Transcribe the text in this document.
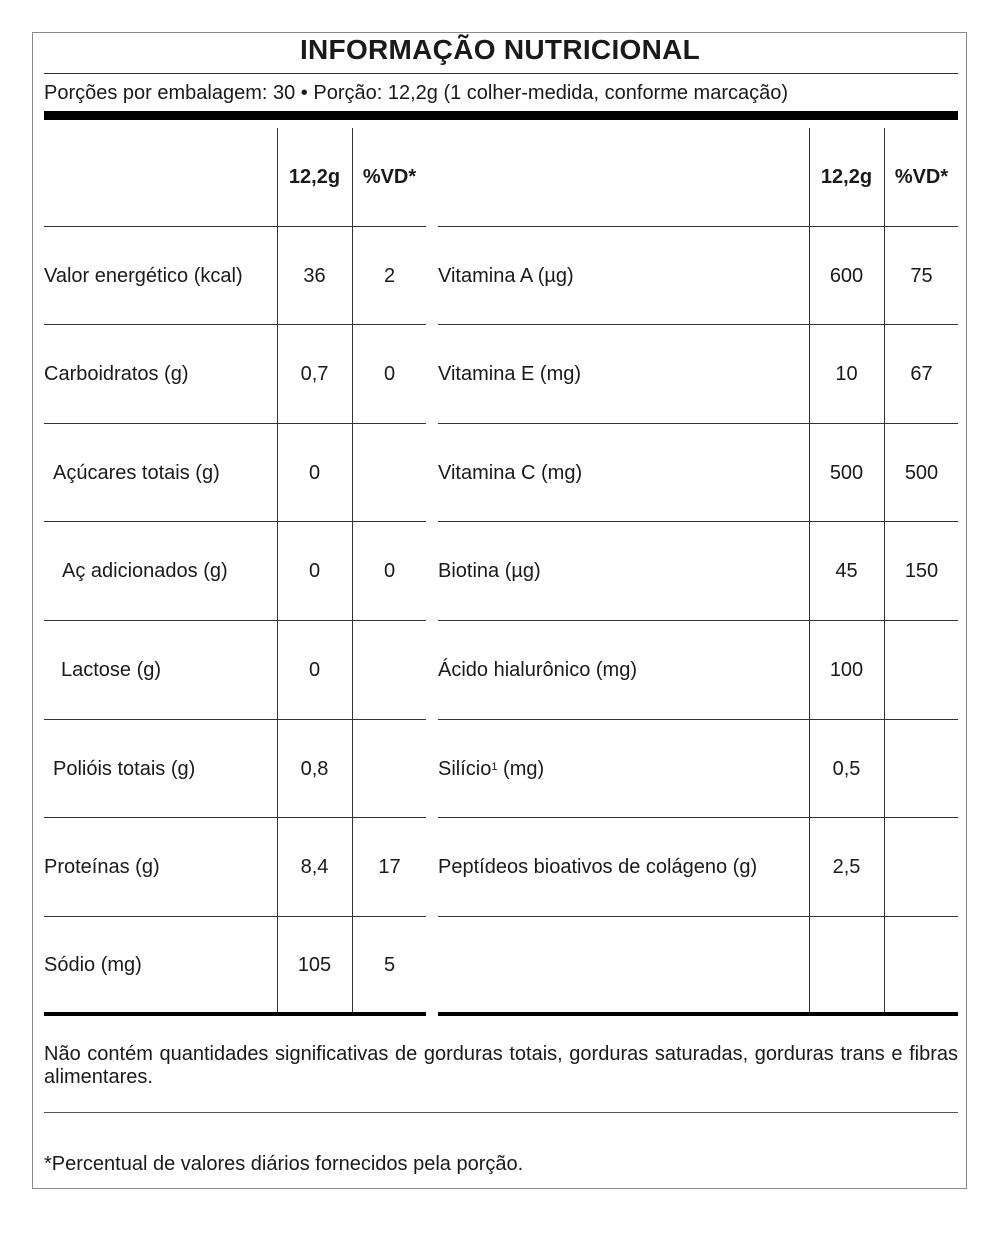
INFORMAÇÃO NUTRICIONAL
Porções por embalagem: 30 • Porção: 12,2g (1 colher-medida, conforme marcação)
12,2g	%VD*	12,2g	%VD*
Valor energético (kcal)	36	2
Carboidratos (g)	0,7	0
Açúcares totais (g)	0
Aç adicionados (g)	0	0
Lactose (g)	0
Polióis totais (g)	0,8
Proteínas (g)	8,4	17
Sódio (mg)	105	5
Vitamina A (µg)	600	75
Vitamina E (mg)	10	67
Vitamina C (mg)	500	500
Biotina (µg)	45	150
Ácido hialurônico (mg)	100
Silício$^1$ (mg)	0,5
Peptídeos bioativos de colágeno (g)	2,5
Não contém quantidades significativas de gorduras totais, gorduras saturadas, gorduras trans e fibras alimentares.
*Percentual de valores diários fornecidos pela porção.
